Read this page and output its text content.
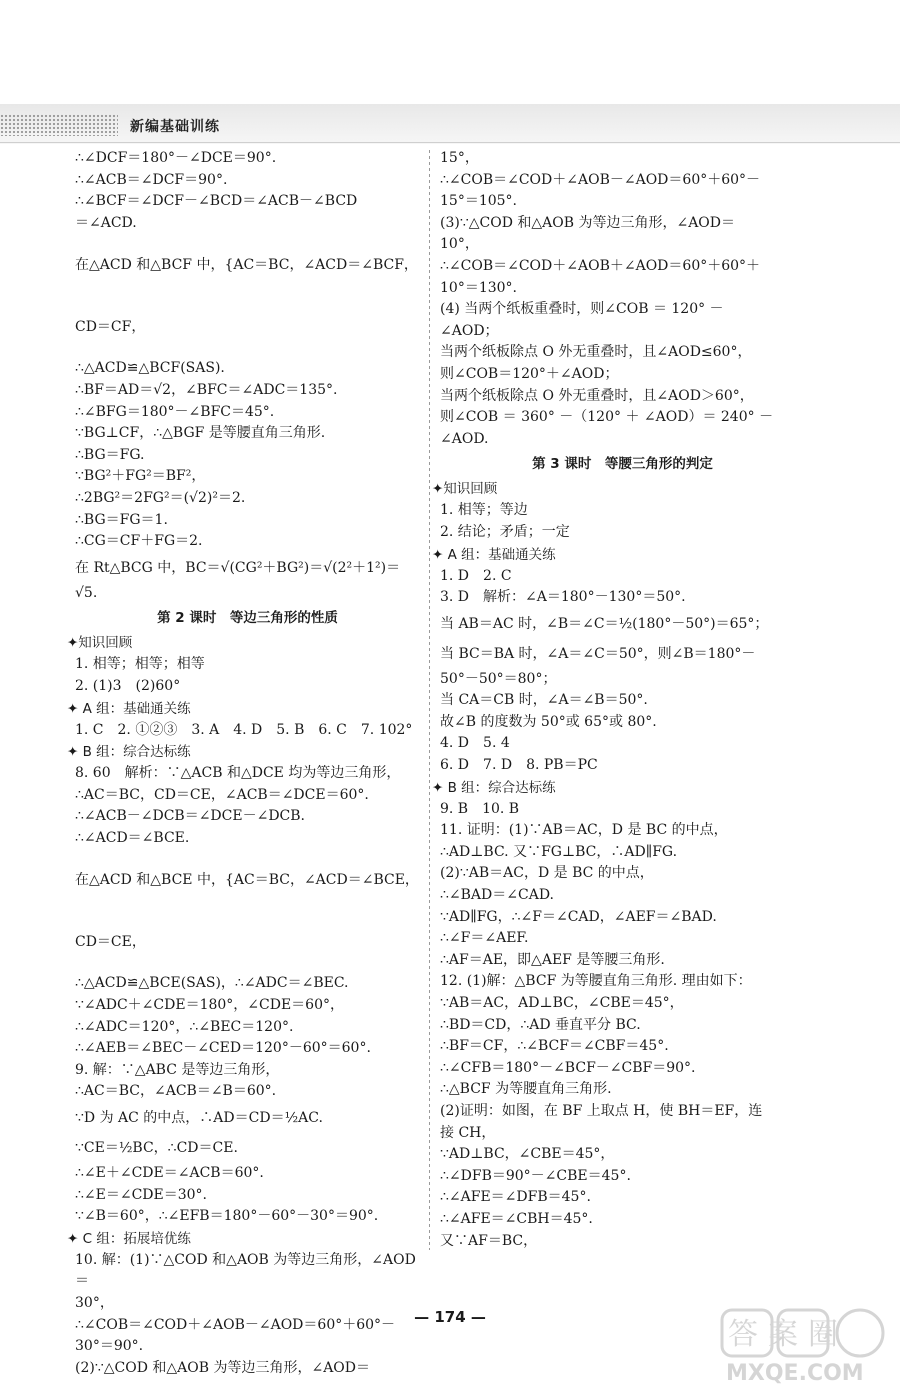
新编基础训练

∴∠DCF＝180°－∠DCE＝90°.

∴∠ACB＝∠DCF＝90°.

∴∠BCF＝∠DCF－∠BCD＝∠ACB－∠BCD

＝∠ACD.

在△ACD 和△BCF 中，{AC＝BC，∠ACD＝∠BCF，CD＝CF，

∴△ACD≌△BCF(SAS).

∴BF＝AD＝√2，∠BFC＝∠ADC＝135°.

∴∠BFG＝180°－∠BFC＝45°.

∵BG⊥CF，∴△BGF 是等腰直角三角形.

∴BG＝FG.

∵BG²＋FG²＝BF²，

∴2BG²＝2FG²＝(√2)²＝2.

∴BG＝FG＝1.

∴CG＝CF＋FG＝2.

在 Rt△BCG 中，BC＝√(CG²＋BG²)＝√(2²＋1²)＝

√5.

第 2 课时　等边三角形的性质

✦知识回顾

1. 相等；相等；相等

2. (1)3　(2)60°

✦ A 组：基础通关练

1. C　2. ①②③　3. A　4. D　5. B　6. C　7. 102°

✦ B 组：综合达标练

8. 60　解析：∵△ACB 和△DCE 均为等边三角形，

∴AC＝BC，CD＝CE，∠ACB＝∠DCE＝60°.

∴∠ACB－∠DCB＝∠DCE－∠DCB.

∴∠ACD＝∠BCE.

在△ACD 和△BCE 中，{AC＝BC，∠ACD＝∠BCE，CD＝CE，

∴△ACD≌△BCE(SAS)，∴∠ADC＝∠BEC.

∵∠ADC＋∠CDE＝180°，∠CDE＝60°，

∴∠ADC＝120°，∴∠BEC＝120°.

∴∠AEB＝∠BEC－∠CED＝120°－60°＝60°.

9. 解：∵△ABC 是等边三角形，

∴AC＝BC，∠ACB＝∠B＝60°.

∵D 为 AC 的中点，∴AD＝CD＝½AC.

∵CE＝½BC，∴CD＝CE.

∴∠E＋∠CDE＝∠ACB＝60°.

∴∠E＝∠CDE＝30°.

∵∠B＝60°，∴∠EFB＝180°－60°－30°＝90°.

✦ C 组：拓展培优练

10. 解：(1)∵△COD 和△AOB 为等边三角形，∠AOD＝

30°，

∴∠COB＝∠COD＋∠AOB－∠AOD＝60°＋60°－

30°＝90°.

(2)∵△COD 和△AOB 为等边三角形，∠AOD＝

15°，

∴∠COB＝∠COD＋∠AOB－∠AOD＝60°＋60°－

15°＝105°.

(3)∵△COD 和△AOB 为等边三角形，∠AOD＝

10°，

∴∠COB＝∠COD＋∠AOB＋∠AOD＝60°＋60°＋

10°＝130°.

(4) 当两个纸板重叠时，则∠COB ＝ 120° －

∠AOD；

当两个纸板除点 O 外无重叠时，且∠AOD≤60°，

则∠COB＝120°＋∠AOD；

当两个纸板除点 O 外无重叠时，且∠AOD＞60°，

则∠COB ＝ 360° －（120° ＋ ∠AOD）＝ 240° －

∠AOD.

第 3 课时　等腰三角形的判定

✦知识回顾

1. 相等；等边

2. 结论；矛盾；一定

✦ A 组：基础通关练

1. D　2. C

3. D　解析：∠A＝180°－130°＝50°.

当 AB＝AC 时，∠B＝∠C＝½(180°－50°)＝65°；

当 BC＝BA 时，∠A＝∠C＝50°，则∠B＝180°－

50°－50°＝80°；

当 CA＝CB 时，∠A＝∠B＝50°.

故∠B 的度数为 50°或 65°或 80°.

4. D　5. 4

6. D　7. D　8. PB＝PC

✦ B 组：综合达标练

9. B　10. B

11. 证明：(1)∵AB＝AC，D 是 BC 的中点，

∴AD⊥BC. 又∵FG⊥BC，∴AD∥FG.

(2)∵AB＝AC，D 是 BC 的中点，

∴∠BAD＝∠CAD.

∵AD∥FG，∴∠F＝∠CAD，∠AEF＝∠BAD.

∴∠F＝∠AEF.

∴AF＝AE，即△AEF 是等腰三角形.

12. (1)解：△BCF 为等腰直角三角形. 理由如下：

∵AB＝AC，AD⊥BC，∠CBE＝45°，

∴BD＝CD，∴AD 垂直平分 BC.

∴BF＝CF，∴∠BCF＝∠CBF＝45°.

∴∠CFB＝180°－∠BCF－∠CBF＝90°.

∴△BCF 为等腰直角三角形.

(2)证明：如图，在 BF 上取点 H，使 BH＝EF，连

接 CH，

∵AD⊥BC，∠CBE＝45°，

∴∠DFB＝90°－∠CBE＝45°.

∴∠AFE＝∠DFB＝45°.

∴∠AFE＝∠CBH＝45°.

又∵AF＝BC，

— 174 —	答案圈
MXQE.COM
